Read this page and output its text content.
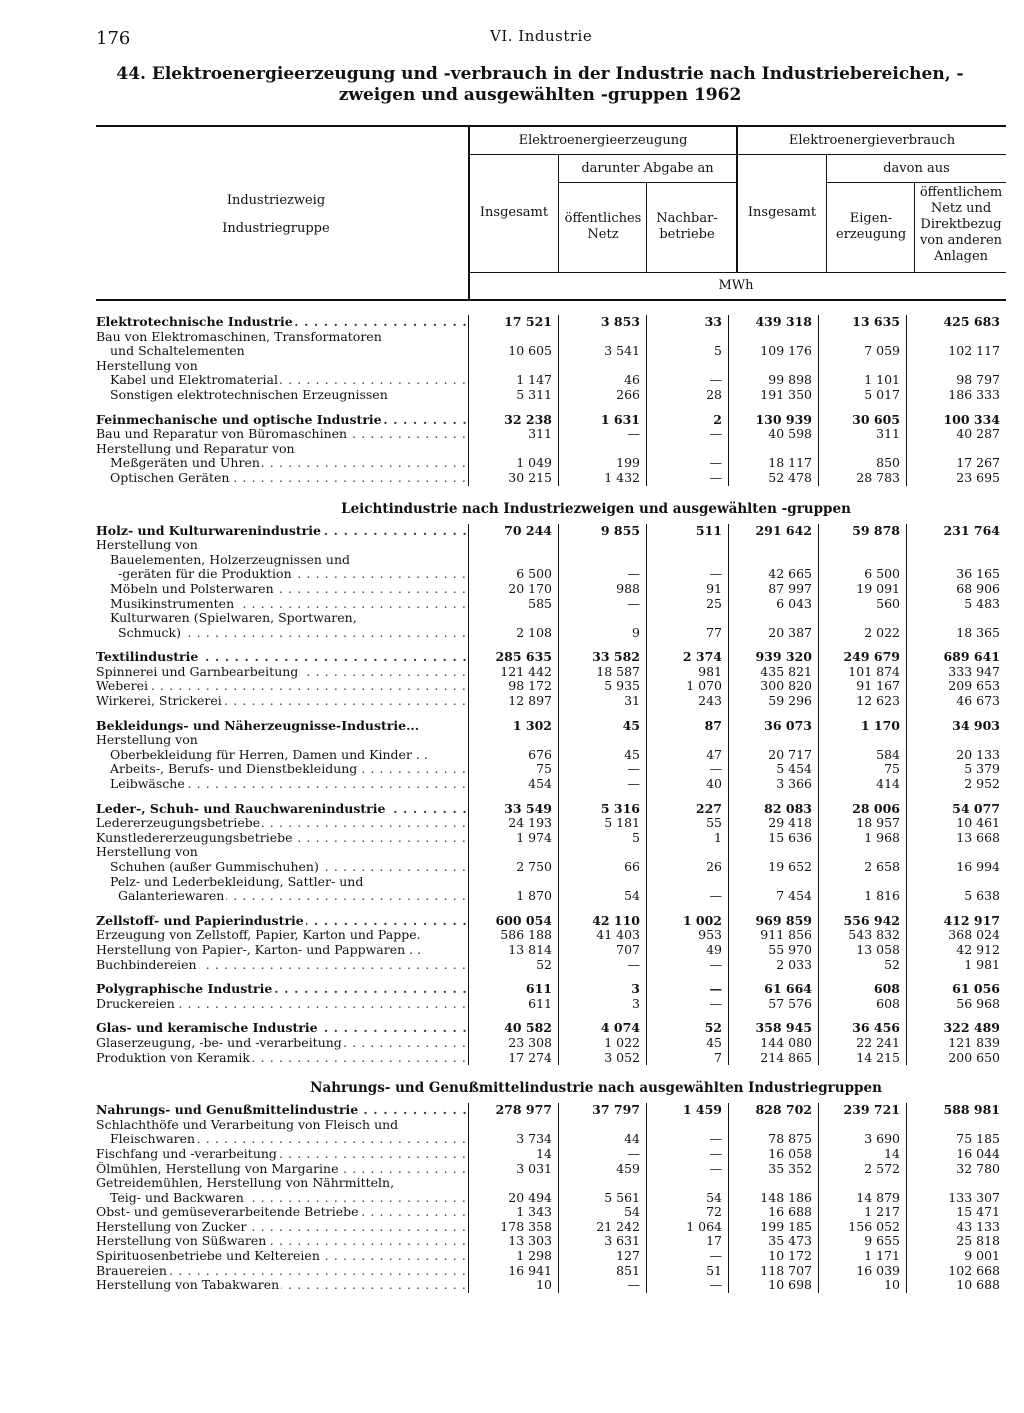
176	VI. Industrie
44. Elektroenergieerzeugung und -verbrauch in der Industrie nach Industriebereichen, -zweigen und ausgewählten -gruppen 1962
Industriezweig
Industriegruppe
Elektroenergieerzeugung	Elektroenergieverbrauch
darunter Abgabe an	davon aus
Insgesamt	öffentliches Netz
Nachbar-betriebe
Insgesamt	Eigen-erzeugung
öffentlichem Netz und Direktbezug von anderen Anlagen
MWh
Elektrotechnische Industrie . . .	17 521	3 853	33	439 318	13 635	425 683
Bau von Elektromaschinen, Transformatoren
und Schaltelementen	10 605	3 541	5	109 176	7 059	102 117
Herstellung von
Kabel und Elektromaterial . . .	1 147	46	—	99 898	1 101	98 797
Sonstigen elektrotechnischen Erzeugnissen	5 311	266	28	191 350	5 017	186 333
Feinmechanische und optische Industrie . . .	32 238	1 631	2	130 939	30 605	100 334
Bau und Reparatur von Büromaschinen . . .	311	—	—	40 598	311	40 287
Herstellung und Reparatur von
Meßgeräten und Uhren . . .	1 049	199	—	18 117	850	17 267
Optischen Geräten . . .	30 215	1 432	—	52 478	28 783	23 695
Leichtindustrie nach Industriezweigen und ausgewählten -gruppen
Holz- und Kulturwarenindustrie . . .	70 244	9 855	511	291 642	59 878	231 764
Herstellung von
Bauelementen, Holzerzeugnissen und
-geräten für die Produktion . . .	6 500	—	—	42 665	6 500	36 165
Möbeln und Polsterwaren . . .	20 170	988	91	87 997	19 091	68 906
Musikinstrumenten . . .	585	—	25	6 043	560	5 483
Kulturwaren (Spielwaren, Sportwaren,
Schmuck) . . .	2 108	9	77	20 387	2 022	18 365
Textilindustrie . . .	285 635	33 582	2 374	939 320	249 679	689 641
Spinnerei und Garnbearbeitung . . .	121 442	18 587	981	435 821	101 874	333 947
Weberei . . .	98 172	5 935	1 070	300 820	91 167	209 653
Wirkerei, Strickerei . . .	12 897	31	243	59 296	12 623	46 673
Bekleidungs- und Näherzeugnisse-Industrie...	1 302	45	87	36 073	1 170	34 903
Herstellung von
Oberbekleidung für Herren, Damen und Kinder . .	676	45	47	20 717	584	20 133
Arbeits-, Berufs- und Dienstbekleidung . . .	75	—	—	5 454	75	5 379
Leibwäsche . . .	454	—	40	3 366	414	2 952
Leder-, Schuh- und Rauchwarenindustrie . . .	33 549	5 316	227	82 083	28 006	54 077
Ledererzeugungsbetriebe . . .	24 193	5 181	55	29 418	18 957	10 461
Kunstledererzeugungsbetriebe . . .	1 974	5	1	15 636	1 968	13 668
Herstellung von
Schuhen (außer Gummischuhen) . . .	2 750	66	26	19 652	2 658	16 994
Pelz- und Lederbekleidung, Sattler- und
Galanteriewaren . . .	1 870	54	—	7 454	1 816	5 638
Zellstoff- und Papierindustrie . . .	600 054	42 110	1 002	969 859	556 942	412 917
Erzeugung von Zellstoff, Papier, Karton und Pappe.	586 188	41 403	953	911 856	543 832	368 024
Herstellung von Papier-, Karton- und Pappwaren . .	13 814	707	49	55 970	13 058	42 912
Buchbindereien . . .	52	—	—	2 033	52	1 981
Polygraphische Industrie . . .	611	3	—	61 664	608	61 056
Druckereien . . .	611	3	—	57 576	608	56 968
Glas- und keramische Industrie . . .	40 582	4 074	52	358 945	36 456	322 489
Glaserzeugung, -be- und -verarbeitung . . .	23 308	1 022	45	144 080	22 241	121 839
Produktion von Keramik . . .	17 274	3 052	7	214 865	14 215	200 650
Nahrungs- und Genußmittelindustrie nach ausgewählten Industriegruppen
Nahrungs- und Genußmittelindustrie . . .	278 977	37 797	1 459	828 702	239 721	588 981
Schlachthöfe und Verarbeitung von Fleisch und
Fleischwaren . . .	3 734	44	—	78 875	3 690	75 185
Fischfang und -verarbeitung . . .	14	—	—	16 058	14	16 044
Ölmühlen, Herstellung von Margarine . . .	3 031	459	—	35 352	2 572	32 780
Getreidemühlen, Herstellung von Nährmitteln,
Teig- und Backwaren . . .	20 494	5 561	54	148 186	14 879	133 307
Obst- und gemüseverarbeitende Betriebe . . .	1 343	54	72	16 688	1 217	15 471
Herstellung von Zucker . . .	178 358	21 242	1 064	199 185	156 052	43 133
Herstellung von Süßwaren . . .	13 303	3 631	17	35 473	9 655	25 818
Spirituosenbetriebe und Keltereien . . .	1 298	127	—	10 172	1 171	9 001
Brauereien . . .	16 941	851	51	118 707	16 039	102 668
Herstellung von Tabakwaren . . .	10	—	—	10 698	10	10 688
